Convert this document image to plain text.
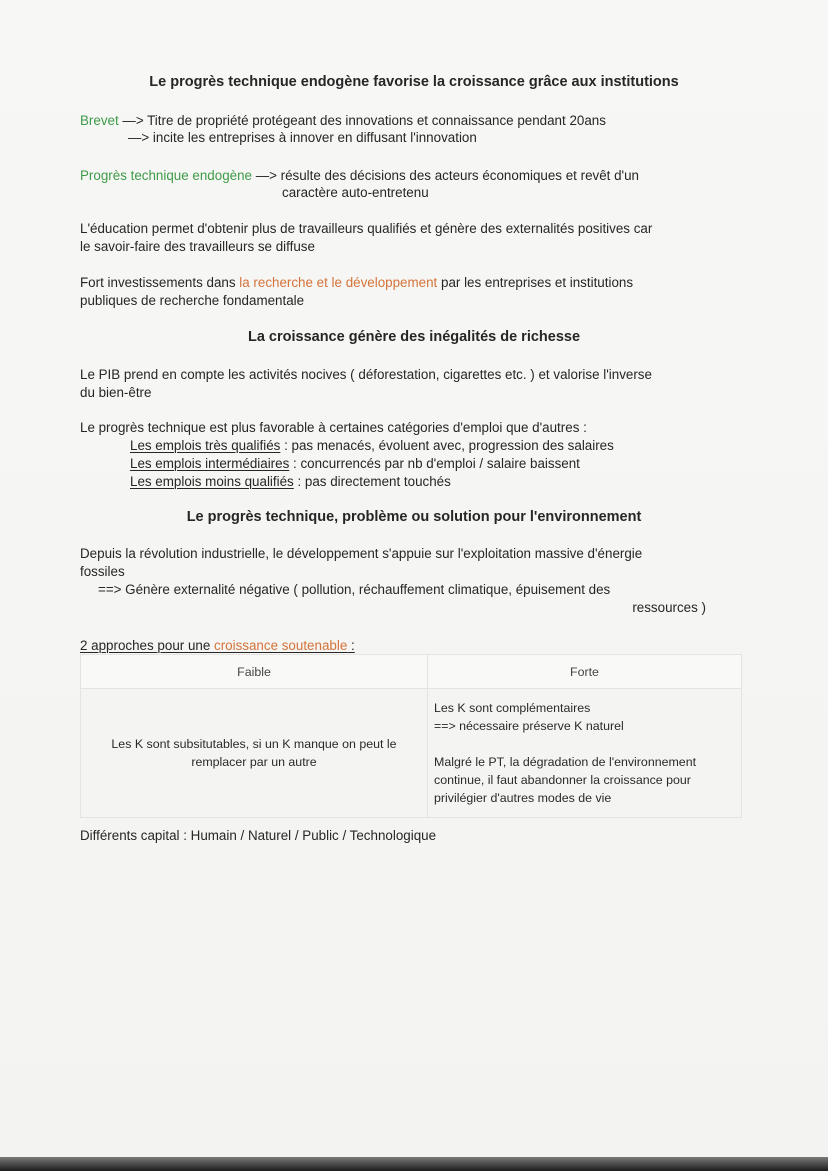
Le progrès technique endogène favorise la croissance grâce aux institutions
Brevet —> Titre de propriété protégeant des innovations et connaissance pendant 20ans
—> incite les entreprises à innover en diffusant l'innovation
Progrès technique endogène —> résulte des décisions des acteurs économiques et revêt d'un
caractère auto-entretenu
L'éducation permet d'obtenir plus de travailleurs qualifiés et génère des externalités positives car
le savoir-faire des travailleurs se diffuse
Fort investissements dans la recherche et le développement par les entreprises et institutions
publiques de recherche fondamentale
La croissance génère des inégalités de richesse
Le PIB prend en compte les activités nocives ( déforestation, cigarettes etc. ) et valorise l'inverse
du bien-être
Le progrès technique est plus favorable à certaines catégories d'emploi que d'autres :
Les emplois très qualifiés : pas menacés, évoluent avec, progression des salaires
Les emplois intermédiaires : concurrencés par nb d'emploi / salaire baissent
Les emplois moins qualifiés : pas directement touchés
Le progrès technique, problème ou solution pour l'environnement
Depuis la révolution industrielle, le développement s'appuie sur l'exploitation massive d'énergie
fossiles
==> Génère externalité négative ( pollution, réchauffement climatique, épuisement des
ressources )
2 approches pour une croissance soutenable :
Faible	Forte
Les K sont subsitutables, si un K manque on peut le remplacer par un autre	Les K sont complémentaires

==> nécessaire préserve K naturel

Malgré le PT, la dégradation de l'environnement continue, il faut abandonner la croissance pour privilégier d'autres modes de vie

Différents capital : Humain / Naturel / Public / Technologique
